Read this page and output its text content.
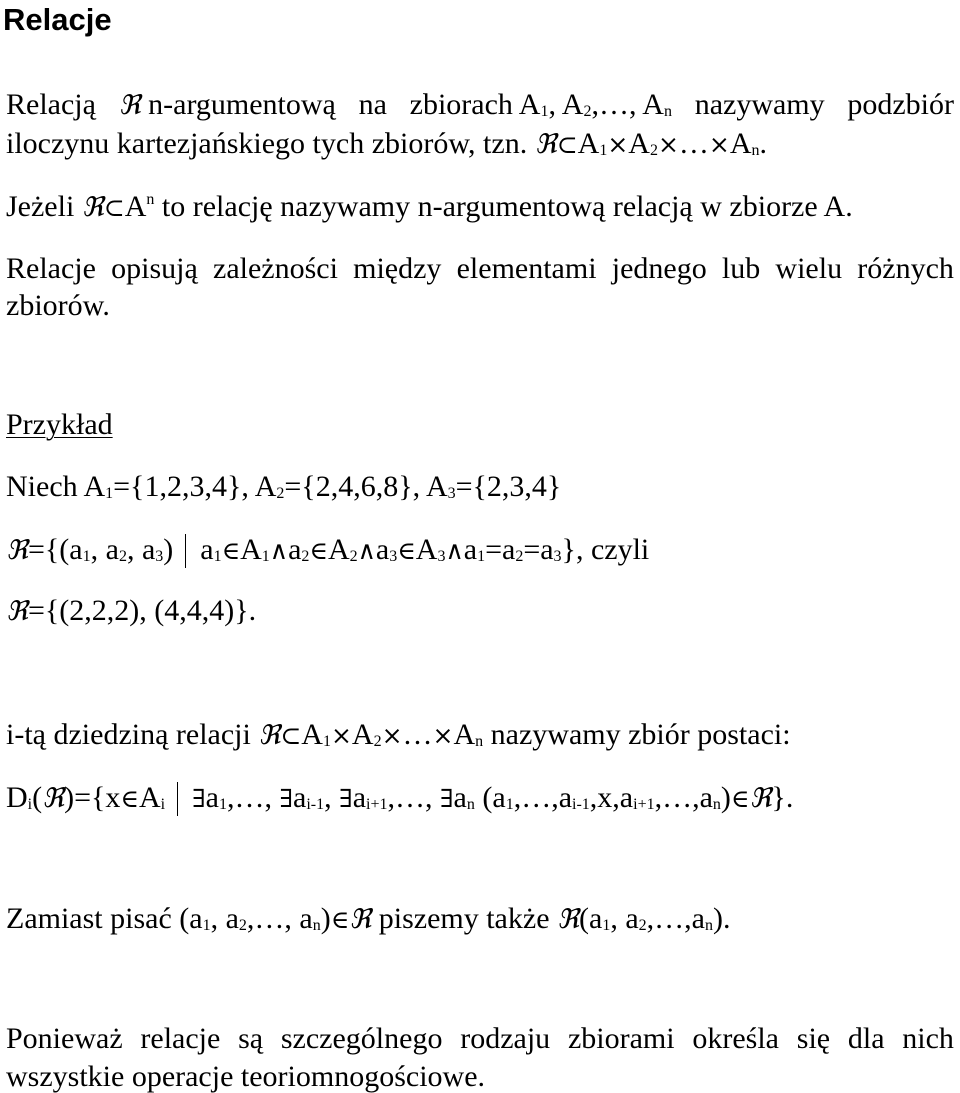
Relacje
Relacją ℜ n-argumentową na zbiorach $A_1$, $A_2,\dots$, $A_n$ nazywamy podzbiór
iloczynu kartezjańskiego tych zbiorów, tzn. $ℜ\subset A_1\times A_2\times\dots\times A_n$.
Jeżeli $ℜ\subset A^n$ to relację nazywamy n-argumentową relacją w zbiorze A.
Relacje opisują zależności między elementami jednego lub wielu różnych
zbiorów.
Przykład
Niech $A_1=\{1,2,3,4\}$, $A_2=\{2,4,6,8\}$, $A_3=\{2,3,4\}$
$ℜ=\{(a_1$, $a_2$, $a_3$) $a_1\in A_1\wedge a_2\in A_2\wedge a_3\in A_3\wedge a_1=a_2=a_3$}, czyli
ℜ={(2,2,2), (4,4,4)}.
i-tą dziedziną relacji $ℜ\subset A_1\times A_2\times\dots\times A_n$ nazywamy zbiór postaci:
$D_i(ℜ)=\{x\in A_i$ $\exists a_1,\dots$, $\exists a_{i-1}$, $\exists a_{i+1},\dots$, $\exists a_n$ $(a_1,\dots,a_{i-1},x,a_{i+1},\dots,a_n)\in ℜ$}.
Zamiast pisać ($a_1$, $a_2,\dots$, $a_n)\in ℜ$ piszemy także $ℜ(a_1$, $a_2,\dots,a_n$).
Ponieważ relacje są szczególnego rodzaju zbiorami określa się dla nich
wszystkie operacje teoriomnogościowe.
